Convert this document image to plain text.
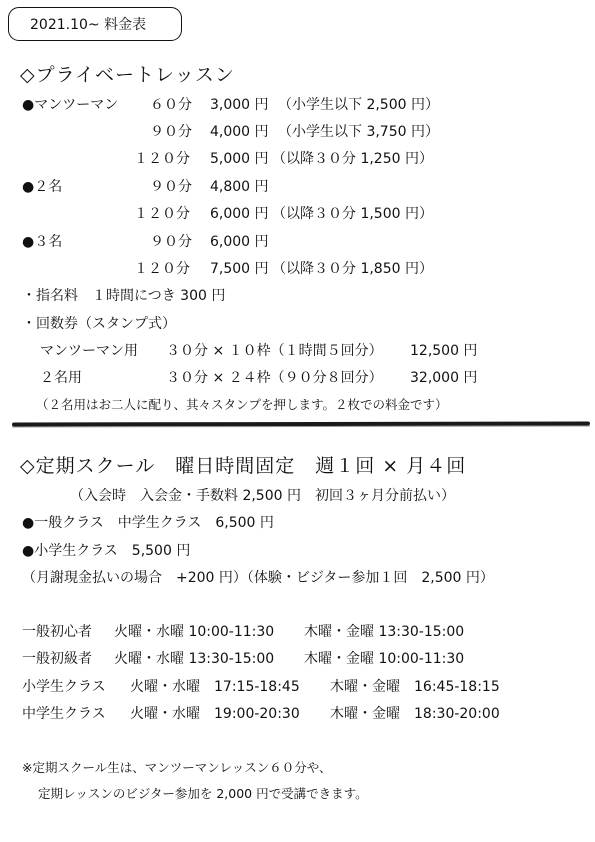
2021.10~ 料金表
◇プライベートレッスン
●マンツーマン ６０分 3,000 円 （小学生以下 2,500 円）
９０分 4,000 円 （小学生以下 3,750 円）
１２０分 5,000 円 （以降３０分 1,250 円）
●２名	９０分 4,800 円
１２０分 6,000 円 （以降３０分 1,500 円）
●３名	９０分 6,000 円
１２０分 7,500 円 （以降３０分 1,850 円）
・指名料　１時間につき 300 円
・回数券（スタンプ式）
マンツーマン用 ３０分 × １０枠（１時間５回分） 12,500 円
２名用	３０分 × ２４枠（９０分８回分） 32,000 円
（２名用はお二人に配り、其々スタンプを押します。２枚での料金です）
◇定期スクール　曜日時間固定　週１回 × 月４回
（入会時　入会金・手数料 2,500 円　初回３ヶ月分前払い）
●一般クラス　中学生クラス　6,500 円
●小学生クラス　5,500 円
（月謝現金払いの場合　+200 円）（体験・ビジター参加１回　2,500 円）
一般初心者 火曜・水曜 10:00-11:30 木曜・金曜 13:30-15:00
一般初級者 火曜・水曜 13:30-15:00 木曜・金曜 10:00-11:30
小学生クラス 火曜・水曜　17:15-18:45 木曜・金曜　16:45-18:15
中学生クラス 火曜・水曜　19:00-20:30 木曜・金曜　18:30-20:00
※定期スクール生は、マンツーマンレッスン６０分や、
定期レッスンのビジター参加を 2,000 円で受講できます。
